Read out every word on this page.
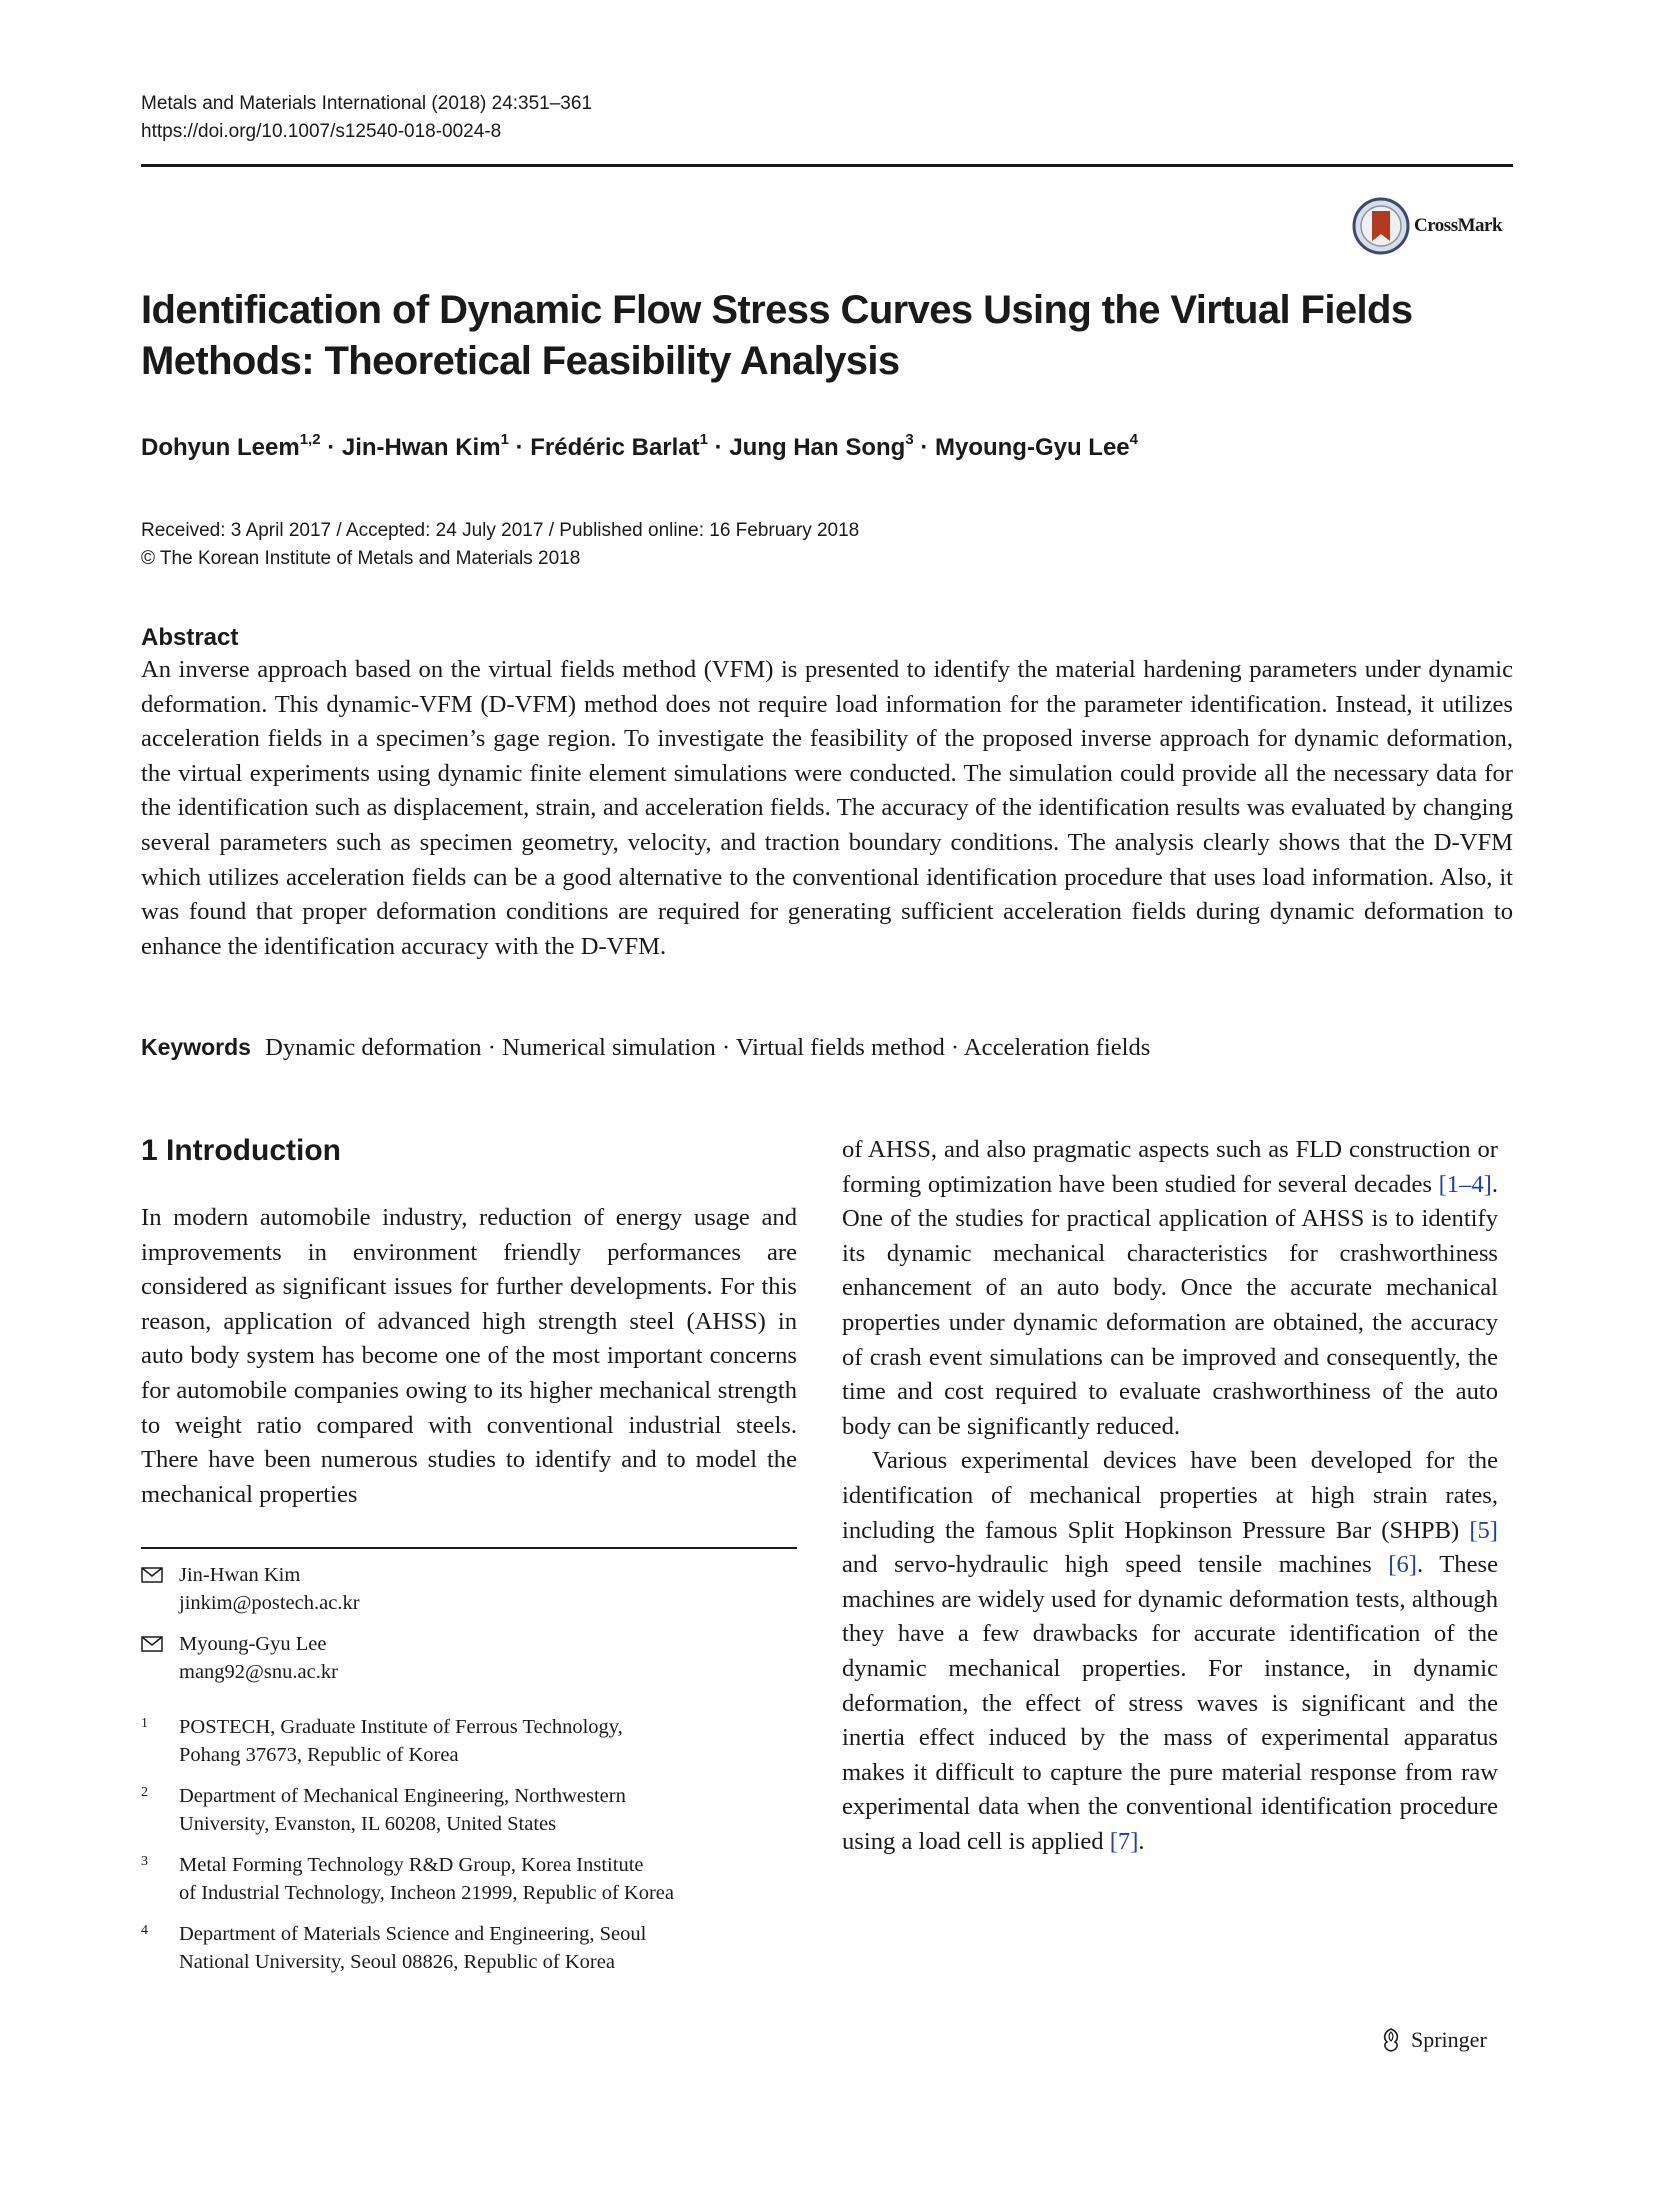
Metals and Materials International (2018) 24:351–361
https://doi.org/10.1007/s12540-018-0024-8
CrossMark
Identification of Dynamic Flow Stress Curves Using the Virtual Fields Methods: Theoretical Feasibility Analysis
Dohyun Leem$^{1,2}$ · Jin-Hwan Kim$^1$ · Frédéric Barlat$^1$ · Jung Han Song$^3$ · Myoung-Gyu Lee$^4$
Received: 3 April 2017 / Accepted: 24 July 2017 / Published online: 16 February 2018
© The Korean Institute of Metals and Materials 2018
Abstract
An inverse approach based on the virtual fields method (VFM) is presented to identify the material hardening parameters under dynamic deformation. This dynamic-VFM (D-VFM) method does not require load information for the parameter identification. Instead, it utilizes acceleration fields in a specimen’s gage region. To investigate the feasibility of the proposed inverse approach for dynamic deformation, the virtual experiments using dynamic finite element simulations were conducted. The simulation could provide all the necessary data for the identification such as displacement, strain, and acceleration fields. The accuracy of the identification results was evaluated by changing several parameters such as specimen geometry, velocity, and traction boundary conditions. The analysis clearly shows that the D-VFM which utilizes acceleration fields can be a good alternative to the conventional identification procedure that uses load information. Also, it was found that proper deformation conditions are required for generating sufficient acceleration fields during dynamic deformation to enhance the identification accuracy with the D-VFM.
Keywords Dynamic deformation · Numerical simulation · Virtual fields method · Acceleration fields
1 Introduction

In modern automobile industry, reduction of energy usage and improvements in environment friendly performances are considered as significant issues for further developments. For this reason, application of advanced high strength steel (AHSS) in auto body system has become one of the most important concerns for automobile companies owing to its higher mechanical strength to weight ratio compared with conventional industrial steels. There have been numerous studies to identify and to model the mechanical properties

of AHSS, and also pragmatic aspects such as FLD construction or forming optimization have been studied for several decades [1–4]. One of the studies for practical application of AHSS is to identify its dynamic mechanical characteristics for crashworthiness enhancement of an auto body. Once the accurate mechanical properties under dynamic deformation are obtained, the accuracy of crash event simulations can be improved and consequently, the time and cost required to evaluate crashworthiness of the auto body can be significantly reduced.

Various experimental devices have been developed for the identification of mechanical properties at high strain rates, including the famous Split Hopkinson Pressure Bar (SHPB) [5] and servo-hydraulic high speed tensile machines [6]. These machines are widely used for dynamic deformation tests, although they have a few drawbacks for accurate identification of the dynamic mechanical properties. For instance, in dynamic deformation, the effect of stress waves is significant and the inertia effect induced by the mass of experimental apparatus makes it difficult to capture the pure material response from raw experimental data when the conventional identification procedure using a load cell is applied [7].

Jin-Hwan Kim
jinkim@postech.ac.kr
Myoung-Gyu Lee
mang92@snu.ac.kr
1 POSTECH, Graduate Institute of Ferrous Technology,
Pohang 37673, Republic of Korea
2 Department of Mechanical Engineering, Northwestern
University, Evanston, IL 60208, United States
3 Metal Forming Technology R&D Group, Korea Institute
of Industrial Technology, Incheon 21999, Republic of Korea
4 Department of Materials Science and Engineering, Seoul
National University, Seoul 08826, Republic of Korea
Springer
